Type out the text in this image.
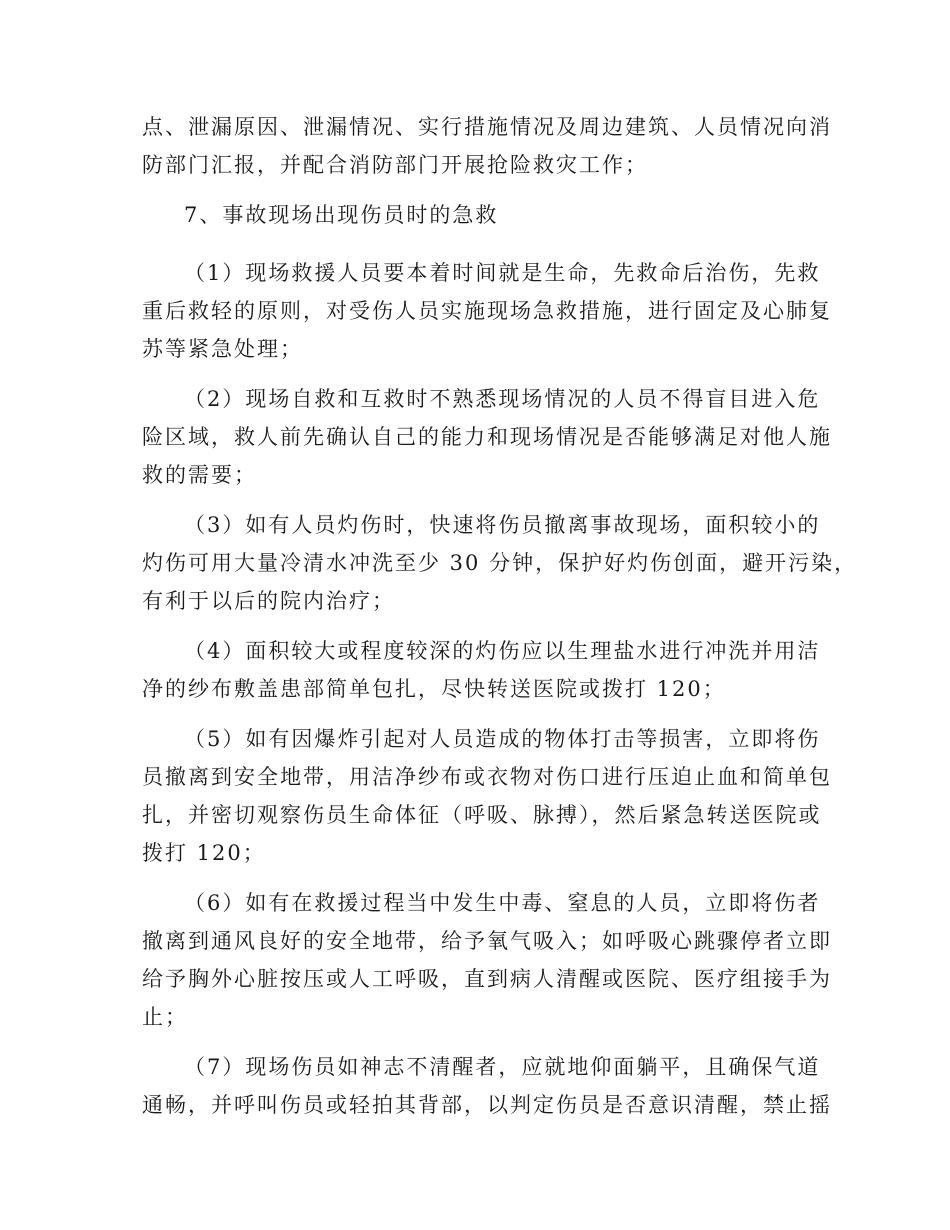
点、泄漏原因、泄漏情况、实行措施情况及周边建筑、人员情况向消
防部门汇报，并配合消防部门开展抢险救灾工作；
7、事故现场出现伤员时的急救
（1）现场救援人员要本着时间就是生命，先救命后治伤，先救
重后救轻的原则，对受伤人员实施现场急救措施，进行固定及心肺复
苏等紧急处理；
（2）现场自救和互救时不熟悉现场情况的人员不得盲目进入危
险区域，救人前先确认自己的能力和现场情况是否能够满足对他人施
救的需要；
（3）如有人员灼伤时，快速将伤员撤离事故现场，面积较小的
灼伤可用大量冷清水冲洗至少 30 分钟，保护好灼伤创面，避开污染，
有利于以后的院内治疗；
（4）面积较大或程度较深的灼伤应以生理盐水进行冲洗并用洁
净的纱布敷盖患部简单包扎，尽快转送医院或拨打 120；
（5）如有因爆炸引起对人员造成的物体打击等损害，立即将伤
员撤离到安全地带，用洁净纱布或衣物对伤口进行压迫止血和简单包
扎，并密切观察伤员生命体征（呼吸、脉搏），然后紧急转送医院或
拨打 120；
（6）如有在救援过程当中发生中毒、窒息的人员，立即将伤者
撤离到通风良好的安全地带，给予氧气吸入；如呼吸心跳骤停者立即
给予胸外心脏按压或人工呼吸，直到病人清醒或医院、医疗组接手为
止；
（7）现场伤员如神志不清醒者，应就地仰面躺平，且确保气道
通畅，并呼叫伤员或轻拍其背部，以判定伤员是否意识清醒，禁止摇
